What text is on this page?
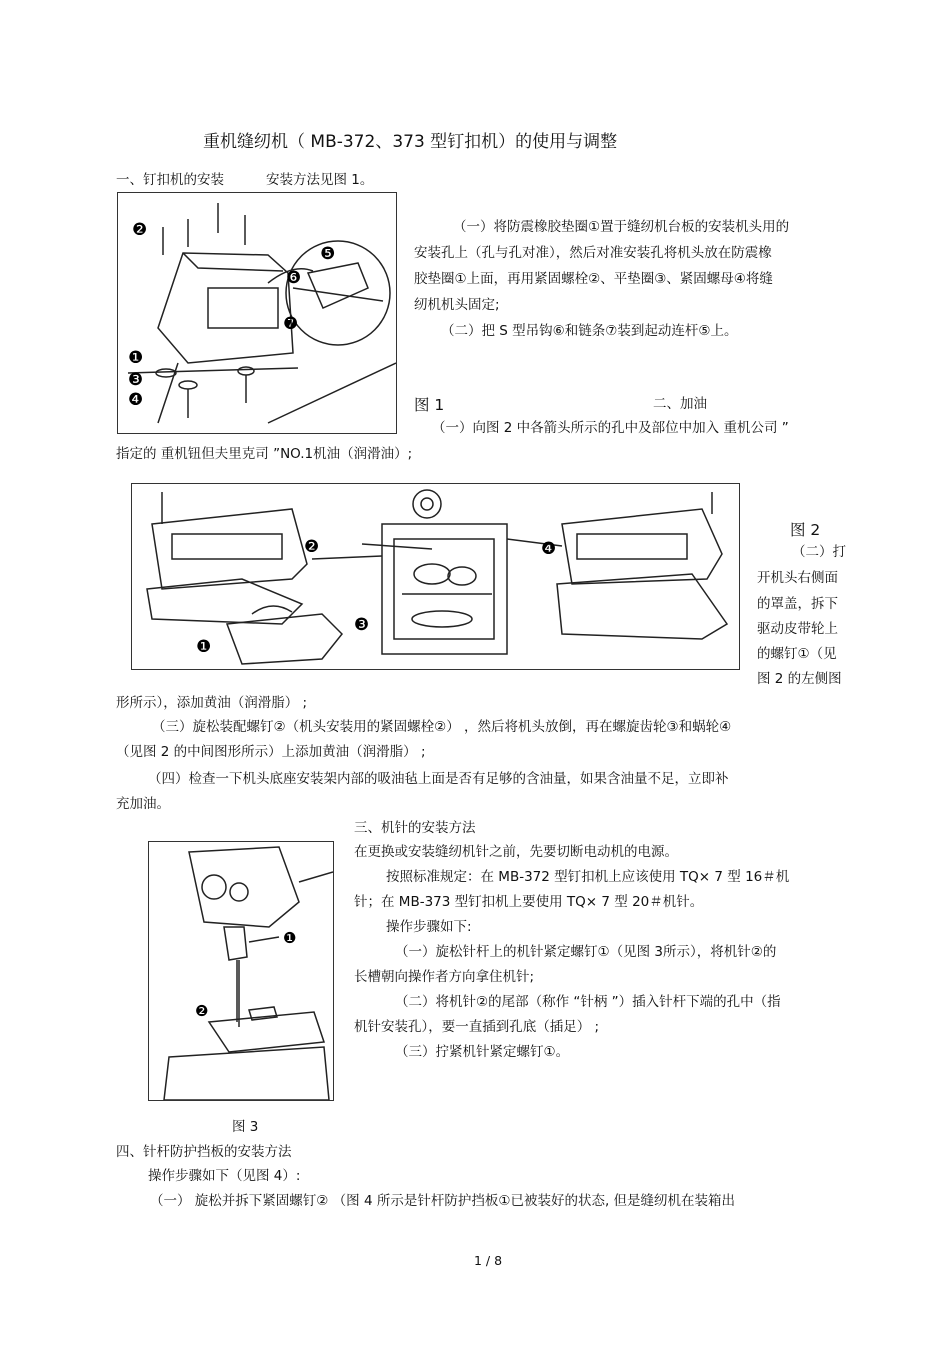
重机缝纫机（ MB-372、373 型钉扣机）的使用与调整
一、钉扣机的安装	安装方法见图 1。
❷
❺
❻
❼
❶
❸
❹
（一）将防震橡胶垫圈①置于缝纫机台板的安装机头用的
安装孔上（孔与孔对准），然后对准安装孔将机头放在防震橡
胶垫圈①上面，再用紧固螺栓②、平垫圈③、紧固螺母④将缝
纫机机头固定;
（二）把 S 型吊钩⑥和链条⑦装到起动连杆⑤上。
图 1	二、加油
（一）向图 2 中各箭头所示的孔中及部位中加入 重机公司 ”
指定的 重机钮但夫里克司 ”NO.1机油（润滑油）;
❷
❶
❹
❸
图 2
（二）打
开机头右侧面
的罩盖，拆下
驱动皮带轮上
的螺钉①（见
图 2 的左侧图
形所示），添加黄油（润滑脂） ;
（三）旋松装配螺钉②（机头安装用的紧固螺栓②） ，然后将机头放倒，再在螺旋齿轮③和蜗轮④
（见图 2 的中间图形所示）上添加黄油（润滑脂） ;
（四）检查一下机头底座安装架内部的吸油毡上面是否有足够的含油量，如果含油量不足，立即补
充加油。
三、机针的安装方法
❶
❷
在更换或安装缝纫机针之前，先要切断电动机的电源。
按照标准规定：在 MB-372 型钉扣机上应该使用 TQ× 7 型 16＃机
针；在 MB-373 型钉扣机上要使用 TQ× 7 型 20＃机针。
操作步骤如下:
（一）旋松针杆上的机针紧定螺钉①（见图 3所示），将机针②的
长槽朝向操作者方向拿住机针;
（二）将机针②的尾部（称作 “针柄 ”）插入针杆下端的孔中（指
机针安装孔），要一直插到孔底（插足） ;
（三）拧紧机针紧定螺钉①。
图 3
四、针杆防护挡板的安装方法
操作步骤如下（见图 4）:
（一） 旋松并拆下紧固螺钉② （图 4 所示是针杆防护挡板①已被装好的状态, 但是缝纫机在装箱出
1 / 8
